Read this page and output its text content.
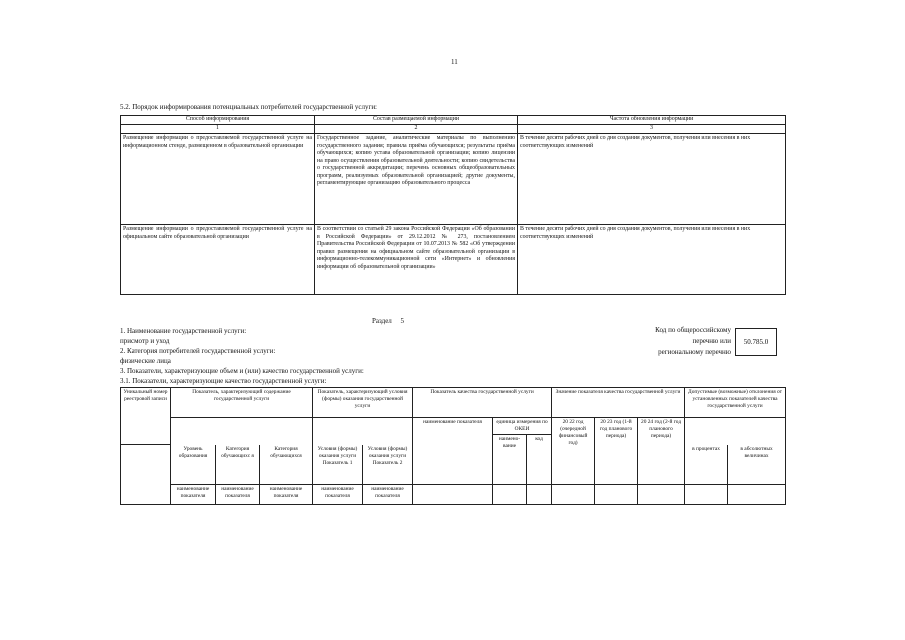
11
5.2. Порядок информирования потенциальных потребителей государственной услуги:
Способ информирования	Состав размещаемой информации	Частота обновления информации
1	2	3
Размещение информации о предоставляемой государственной услуге на информационном стенде, размещенном в образовательной организации	Государственное задание, аналитические материалы по выполнению государственного задания; правила приёма обучающихся; результаты приёма обучающихся; копию устава образовательной организации; копию лицензии на право осуществления образовательной деятельности; копию свидетельства о государственной аккредитации; перечень основных общеобразовательных программ, реализуемых образовательной организацией; другие документы, регламентирующие организацию образовательного процесса	В течение десяти рабочих дней со дня создания документов, получения или внесения в них соответствующих изменений
Размещение информации о предоставляемой государственной услуге на официальном сайте образовательной организации	В соответствии со статьей 29 закона Российской Федерации «Об образовании в Российской Федерации» от 29.12.2012 № 273, постановлением Правительства Российской Федерации от 10.07.2013 № 582 «Об утверждении правил размещения на официальном сайте образовательной организации в информационно-телекоммуникационной сети «Интернет» и обновления информации об образовательной организации»	В течение десяти рабочих дней со дня создания документов, получения или внесения в них соответствующих изменений
Раздел     5
1. Наименование государственной услуги:
присмотр и уход
2. Категория потребителей государственной услуги:
физические лица
3. Показатели, характеризующие объем и (или) качество государственной услуги:
3.1. Показатели, характеризующие качество государственной услуги:
Код по общероссийскому
перечню или
региональному перечню
50.785.0
Уникальный номер реестровой записи	Показатель, характеризующий содержание государственной услуги			Показатель, характеризующий условия (формы) оказания государственной услуги		Показатель качества государственной услуги			Значение показателя качества государственной услуги			Допустимые (возможные) отклонения от установленных показателей качества государственной услуги	
						наименование показателя	единица измерения по ОКЕИ		20 22 год (очередной финансовый год)	20 23 год (1-й год планового периода)	20 24 год (2-й год планового периода)		
							наимено-вание	код					
	Уровень образования	Категория обучающихс я	Категория обучающихся	Условия (формы) оказания услуги Показатель 1	Условия (формы) оказания услуги Показатель 2							в процентах	в абсолютных величинах
	наименование показателя	наименование показателя	наименование показателя	наименование показателя	наименование показателя								
